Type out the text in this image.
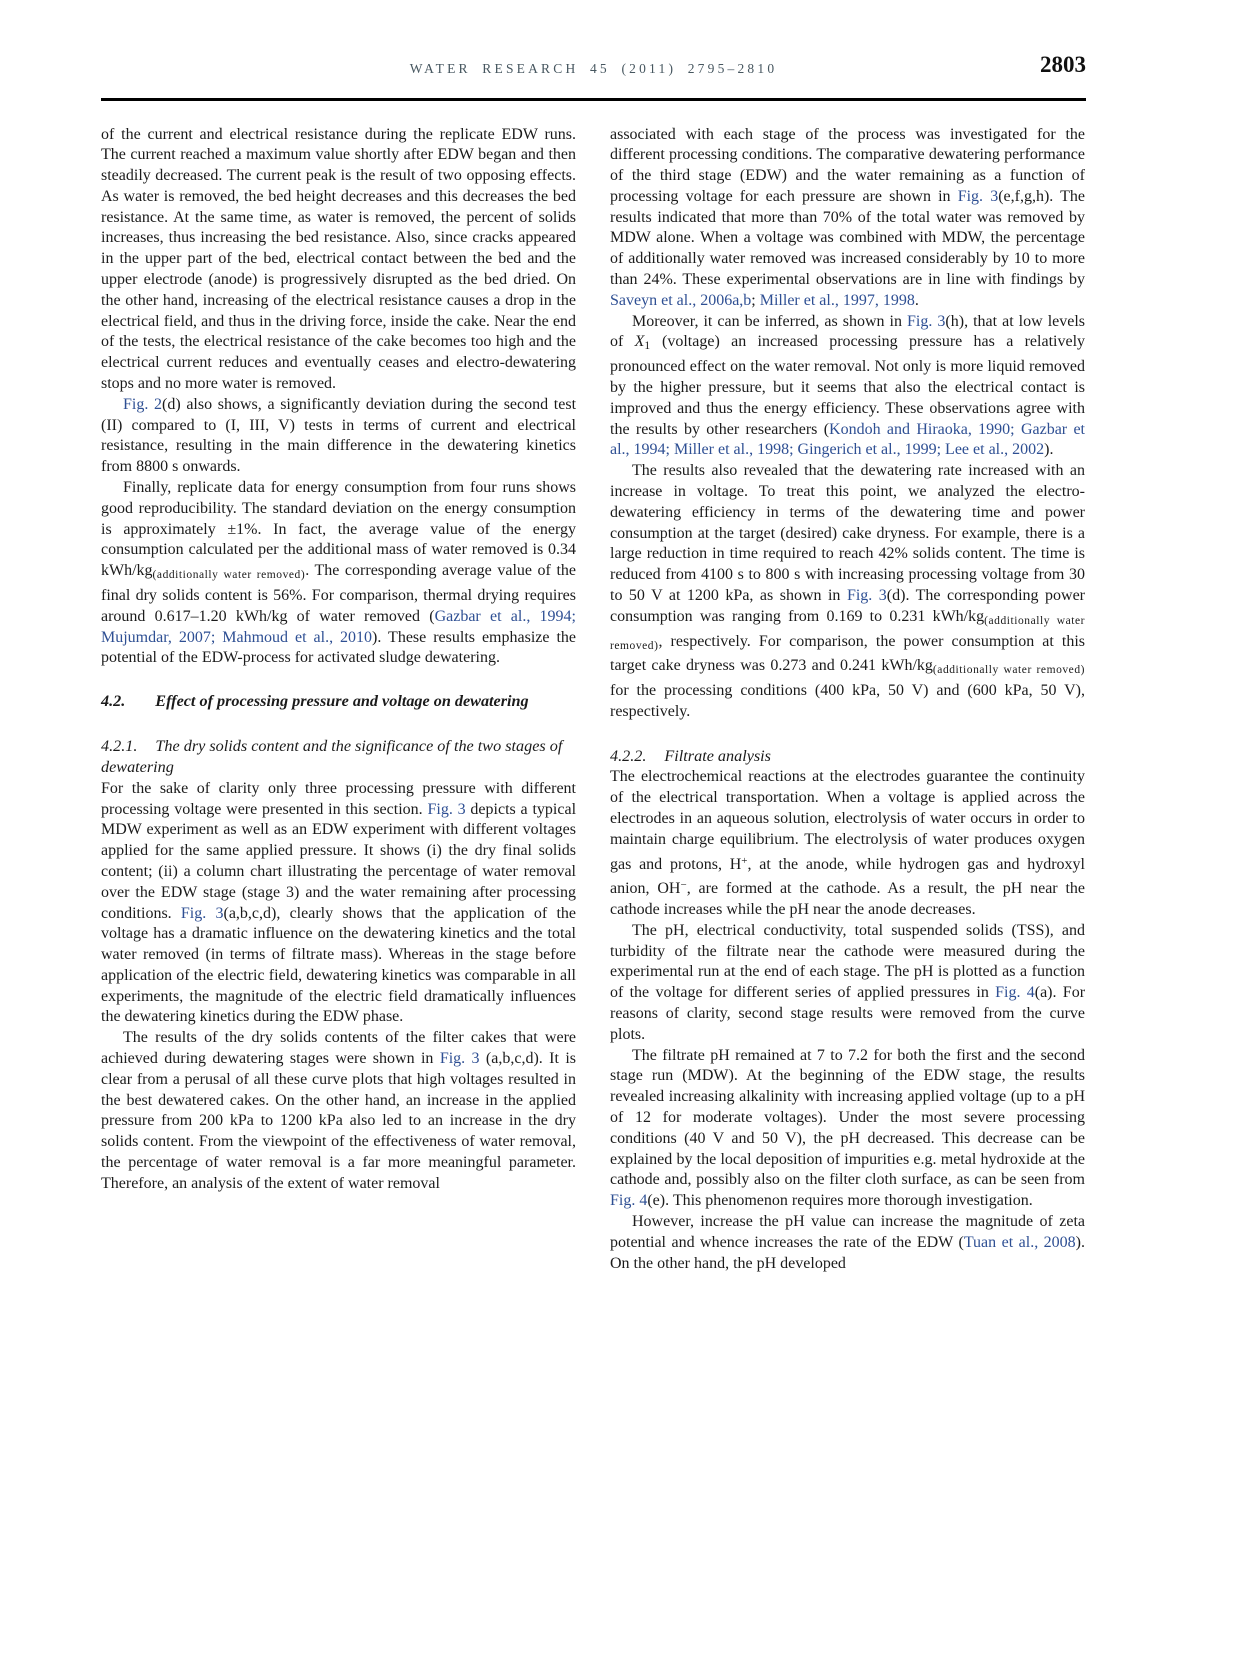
WATER RESEARCH 45 (2011) 2795–2810	2803

of the current and electrical resistance during the replicate EDW runs. The current reached a maximum value shortly after EDW began and then steadily decreased. The current peak is the result of two opposing effects. As water is removed, the bed height decreases and this decreases the bed resistance. At the same time, as water is removed, the percent of solids increases, thus increasing the bed resistance. Also, since cracks appeared in the upper part of the bed, electrical contact between the bed and the upper electrode (anode) is progressively disrupted as the bed dried. On the other hand, increasing of the electrical resistance causes a drop in the electrical field, and thus in the driving force, inside the cake. Near the end of the tests, the electrical resistance of the cake becomes too high and the electrical current reduces and eventually ceases and electro-dewatering stops and no more water is removed.

Fig. 2(d) also shows, a significantly deviation during the second test (II) compared to (I, III, V) tests in terms of current and electrical resistance, resulting in the main difference in the dewatering kinetics from 8800 s onwards.

Finally, replicate data for energy consumption from four runs shows good reproducibility. The standard deviation on the energy consumption is approximately ±1%. In fact, the average value of the energy consumption calculated per the additional mass of water removed is 0.34 kWh/$kg_{(additionally water removed)}$. The corresponding average value of the final dry solids content is 56%. For comparison, thermal drying requires around 0.617–1.20 kWh/kg of water removed (Gazbar et al., 1994; Mujumdar, 2007; Mahmoud et al., 2010). These results emphasize the potential of the EDW-process for activated sludge dewatering.

4.2. Effect of processing pressure and voltage on dewatering
4.2.1. The dry solids content and the significance of the two stages of dewatering

For the sake of clarity only three processing pressure with different processing voltage were presented in this section. Fig. 3 depicts a typical MDW experiment as well as an EDW experiment with different voltages applied for the same applied pressure. It shows (i) the dry final solids content; (ii) a column chart illustrating the percentage of water removal over the EDW stage (stage 3) and the water remaining after processing conditions. Fig. 3(a,b,c,d), clearly shows that the application of the voltage has a dramatic influence on the dewatering kinetics and the total water removed (in terms of filtrate mass). Whereas in the stage before application of the electric field, dewatering kinetics was comparable in all experiments, the magnitude of the electric field dramatically influences the dewatering kinetics during the EDW phase.

The results of the dry solids contents of the filter cakes that were achieved during dewatering stages were shown in Fig. 3 (a,b,c,d). It is clear from a perusal of all these curve plots that high voltages resulted in the best dewatered cakes. On the other hand, an increase in the applied pressure from 200 kPa to 1200 kPa also led to an increase in the dry solids content. From the viewpoint of the effectiveness of water removal, the percentage of water removal is a far more meaningful parameter. Therefore, an analysis of the extent of water removal

associated with each stage of the process was investigated for the different processing conditions. The comparative dewatering performance of the third stage (EDW) and the water remaining as a function of processing voltage for each pressure are shown in Fig. 3(e,f,g,h). The results indicated that more than 70% of the total water was removed by MDW alone. When a voltage was combined with MDW, the percentage of additionally water removed was increased considerably by 10 to more than 24%. These experimental observations are in line with findings by Saveyn et al., 2006a,b; Miller et al., 1997, 1998.

Moreover, it can be inferred, as shown in Fig. 3(h), that at low levels of $X_1$ (voltage) an increased processing pressure has a relatively pronounced effect on the water removal. Not only is more liquid removed by the higher pressure, but it seems that also the electrical contact is improved and thus the energy efficiency. These observations agree with the results by other researchers (Kondoh and Hiraoka, 1990; Gazbar et al., 1994; Miller et al., 1998; Gingerich et al., 1999; Lee et al., 2002).

The results also revealed that the dewatering rate increased with an increase in voltage. To treat this point, we analyzed the electro-dewatering efficiency in terms of the dewatering time and power consumption at the target (desired) cake dryness. For example, there is a large reduction in time required to reach 42% solids content. The time is reduced from 4100 s to 800 s with increasing processing voltage from 30 to 50 V at 1200 kPa, as shown in Fig. 3(d). The corresponding power consumption was ranging from 0.169 to 0.231 kWh/$kg_{(additionally water removed)}$, respectively. For comparison, the power consumption at this target cake dryness was 0.273 and 0.241 kWh/$kg_{(additionally water removed)}$ for the processing conditions (400 kPa, 50 V) and (600 kPa, 50 V), respectively.

4.2.2. Filtrate analysis

The electrochemical reactions at the electrodes guarantee the continuity of the electrical transportation. When a voltage is applied across the electrodes in an aqueous solution, electrolysis of water occurs in order to maintain charge equilibrium. The electrolysis of water produces oxygen gas and protons, H+, at the anode, while hydrogen gas and hydroxyl anion, OH−, are formed at the cathode. As a result, the pH near the cathode increases while the pH near the anode decreases.

The pH, electrical conductivity, total suspended solids (TSS), and turbidity of the filtrate near the cathode were measured during the experimental run at the end of each stage. The pH is plotted as a function of the voltage for different series of applied pressures in Fig. 4(a). For reasons of clarity, second stage results were removed from the curve plots.

The filtrate pH remained at 7 to 7.2 for both the first and the second stage run (MDW). At the beginning of the EDW stage, the results revealed increasing alkalinity with increasing applied voltage (up to a pH of 12 for moderate voltages). Under the most severe processing conditions (40 V and 50 V), the pH decreased. This decrease can be explained by the local deposition of impurities e.g. metal hydroxide at the cathode and, possibly also on the filter cloth surface, as can be seen from Fig. 4(e). This phenomenon requires more thorough investigation.

However, increase the pH value can increase the magnitude of zeta potential and whence increases the rate of the EDW (Tuan et al., 2008). On the other hand, the pH developed
